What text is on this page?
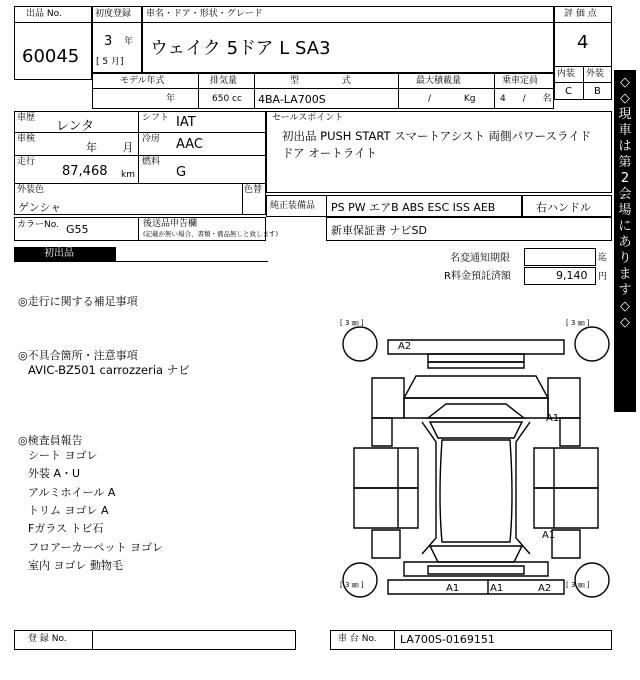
出品 No.
60045
初度登録
3 年
[ 5 月]
車名・ドア・形状・グレード
ウェイク 5ドア L SA3
評 価 点
4
内装 外装
C B
モデル年式
年
排気量
650 cc
型 式
4BA-LA700S
最大積載量
/ Kg
乗車定員
4 / 名
車歴
レンタ
シフト IAT
車検
年 月
冷房 AAC
走行
87,468 km
燃料
G
外装色
ゲンシャ
色替
カラーNo. G55	後送品申告欄
(記載が無い場合、書類・備品無しと致します)
セールスポイント
初出品 PUSH START スマートアシスト 両側パワースライドドア オートライト
純正装備品 PS PW エアB ABS ESC ISS AEB	右ハンドル
新車保証書 ナビSD
初出品	名変通知期限	迄
R料金預託済額	9,140 円
◎走行に関する補足事項
◎不具合箇所・注意事項
AVIC-BZ501 carrozzeria ナビ
◎検査員報告
シート ヨゴレ
外装 A・U
アルミホイール A
トリム ヨゴレ A
Fガラス トビ石
フロアーカーペット ヨゴレ
室内 ヨゴレ 動物毛
[ 3 ㎜ ]	[ 3 ㎜ ]
[ 3 ㎜ ]	[ 3 ㎜ ]
A2
A1
A1
A1	A1	A2
◇◇現車は第2会場にあります◇◇
登 録 No.	車 台 No. LA700S-0169151
